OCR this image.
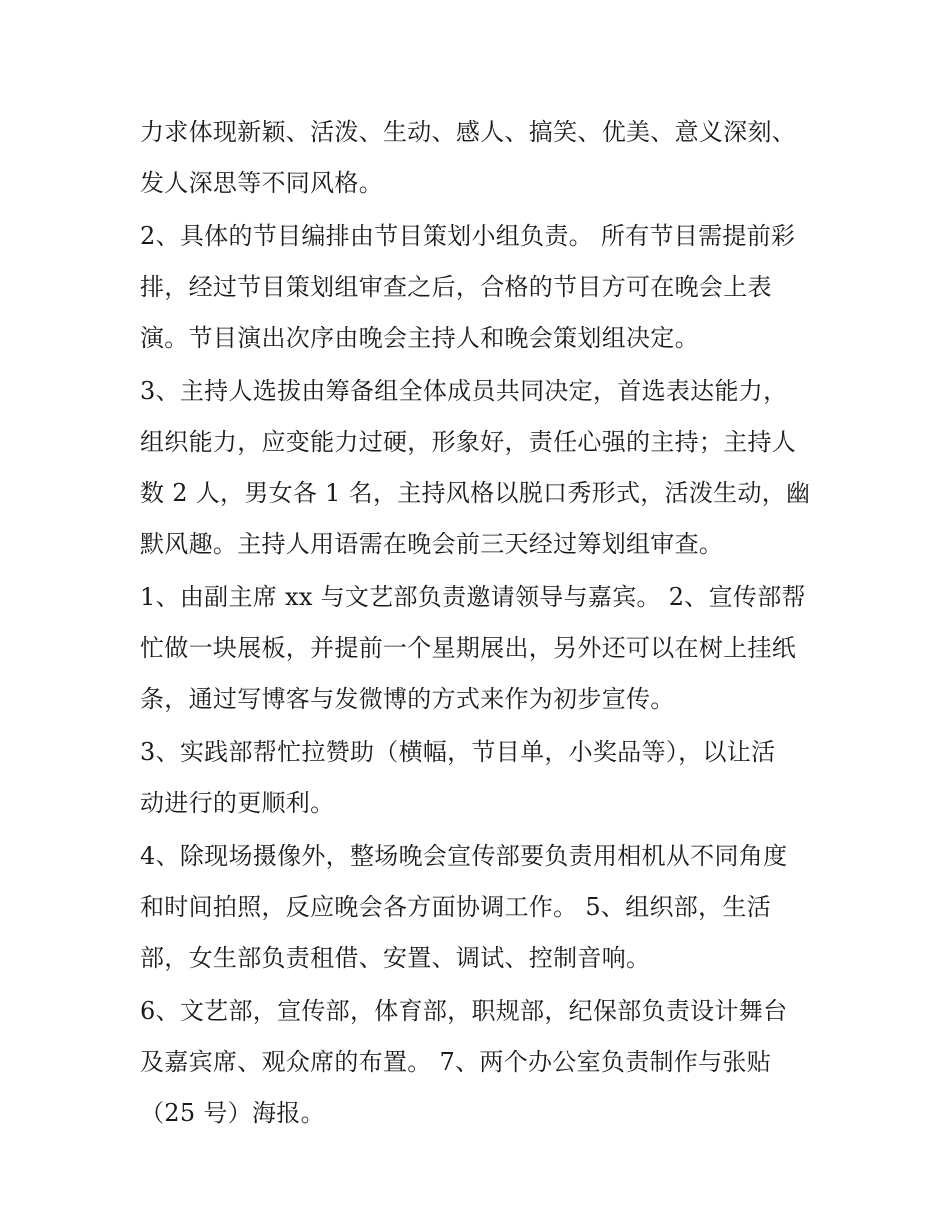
力求体现新颖、活泼、生动、感人、搞笑、优美、意义深刻、
发人深思等不同风格。
2、具体的节目编排由节目策划小组负责。 所有节目需提前彩
排，经过节目策划组审查之后，合格的节目方可在晚会上表
演。节目演出次序由晚会主持人和晚会策划组决定。
3、主持人选拔由筹备组全体成员共同决定，首选表达能力，
组织能力，应变能力过硬，形象好，责任心强的主持；主持人
数 2 人，男女各 1 名，主持风格以脱口秀形式，活泼生动，幽
默风趣。主持人用语需在晚会前三天经过筹划组审查。
1、由副主席 xx 与文艺部负责邀请领导与嘉宾。 2、宣传部帮
忙做一块展板，并提前一个星期展出，另外还可以在树上挂纸
条，通过写博客与发微博的方式来作为初步宣传。
3、实践部帮忙拉赞助（横幅，节目单，小奖品等），以让活
动进行的更顺利。
4、除现场摄像外，整场晚会宣传部要负责用相机从不同角度
和时间拍照，反应晚会各方面协调工作。 5、组织部，生活
部，女生部负责租借、安置、调试、控制音响。
6、文艺部，宣传部，体育部，职规部，纪保部负责设计舞台
及嘉宾席、观众席的布置。 7、两个办公室负责制作与张贴
（25 号）海报。
